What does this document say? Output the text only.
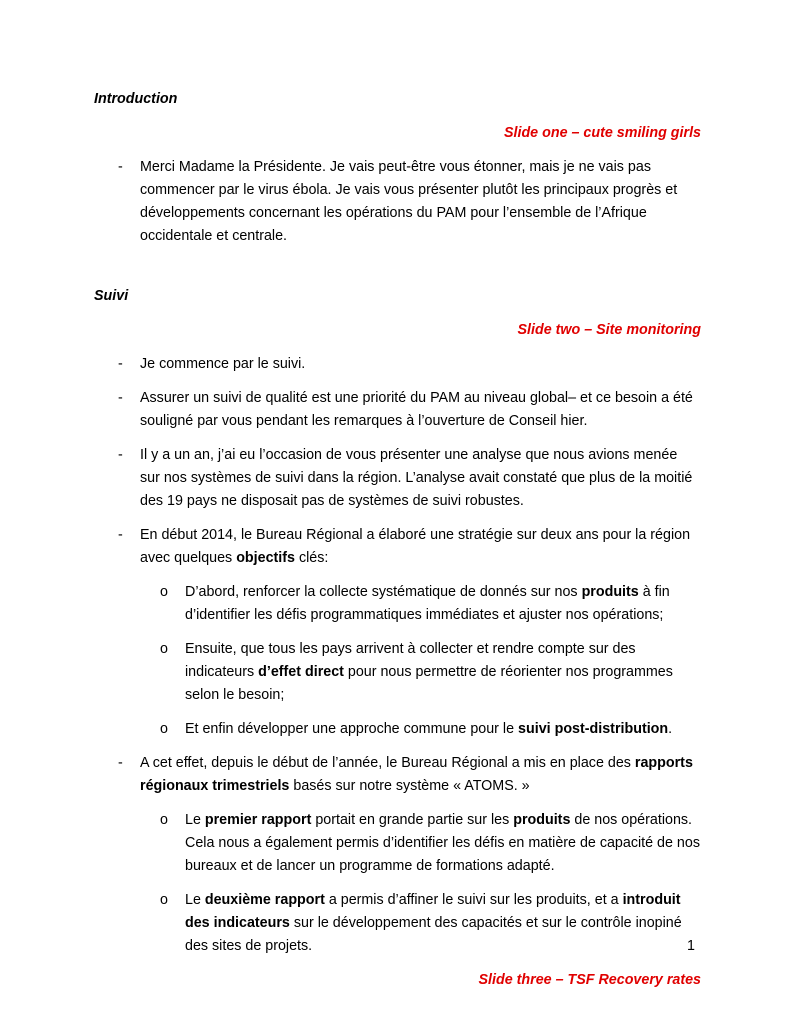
Introduction
Slide one – cute smiling girls
-	Merci Madame la Présidente. Je vais peut-être vous étonner, mais je ne vais pas commencer par le virus ébola. Je vais vous présenter plutôt les principaux progrès et développements concernant les opérations du PAM pour l’ensemble de l’Afrique occidentale et centrale.
Suivi
Slide two – Site monitoring
-	Je commence par le suivi.
-	Assurer un suivi de qualité est une priorité du PAM au niveau global– et ce besoin a été souligné par vous pendant les remarques à l’ouverture de Conseil hier.
-	Il y a un an, j’ai eu l’occasion de vous présenter une analyse que nous avions menée sur nos systèmes de suivi dans la région. L’analyse avait constaté que plus de la moitié des 19 pays ne disposait pas de systèmes de suivi robustes.
-	En début 2014, le Bureau Régional a élaboré une stratégie sur deux ans pour la région avec quelques objectifs clés:
o	D’abord, renforcer la collecte systématique de donnés sur nos produits à fin d’identifier les défis programmatiques immédiates et ajuster nos opérations;
o	Ensuite, que tous les pays arrivent à collecter et rendre compte sur des indicateurs d’effet direct pour nous permettre de réorienter nos programmes selon le besoin;
o	Et enfin développer une approche commune pour le suivi post-distribution.
-	A cet effet, depuis le début de l’année, le Bureau Régional a mis en place des rapports régionaux trimestriels basés sur notre système « ATOMS. »
o	Le premier rapport portait en grande partie sur les produits de nos opérations. Cela nous a également permis d’identifier les défis en matière de capacité de nos bureaux et de lancer un programme de formations adapté.
o	Le deuxième rapport a permis d’affiner le suivi sur les produits, et a introduit des indicateurs sur le développement des capacités et sur le contrôle inopiné des sites de projets.
Slide three – TSF Recovery rates
1
